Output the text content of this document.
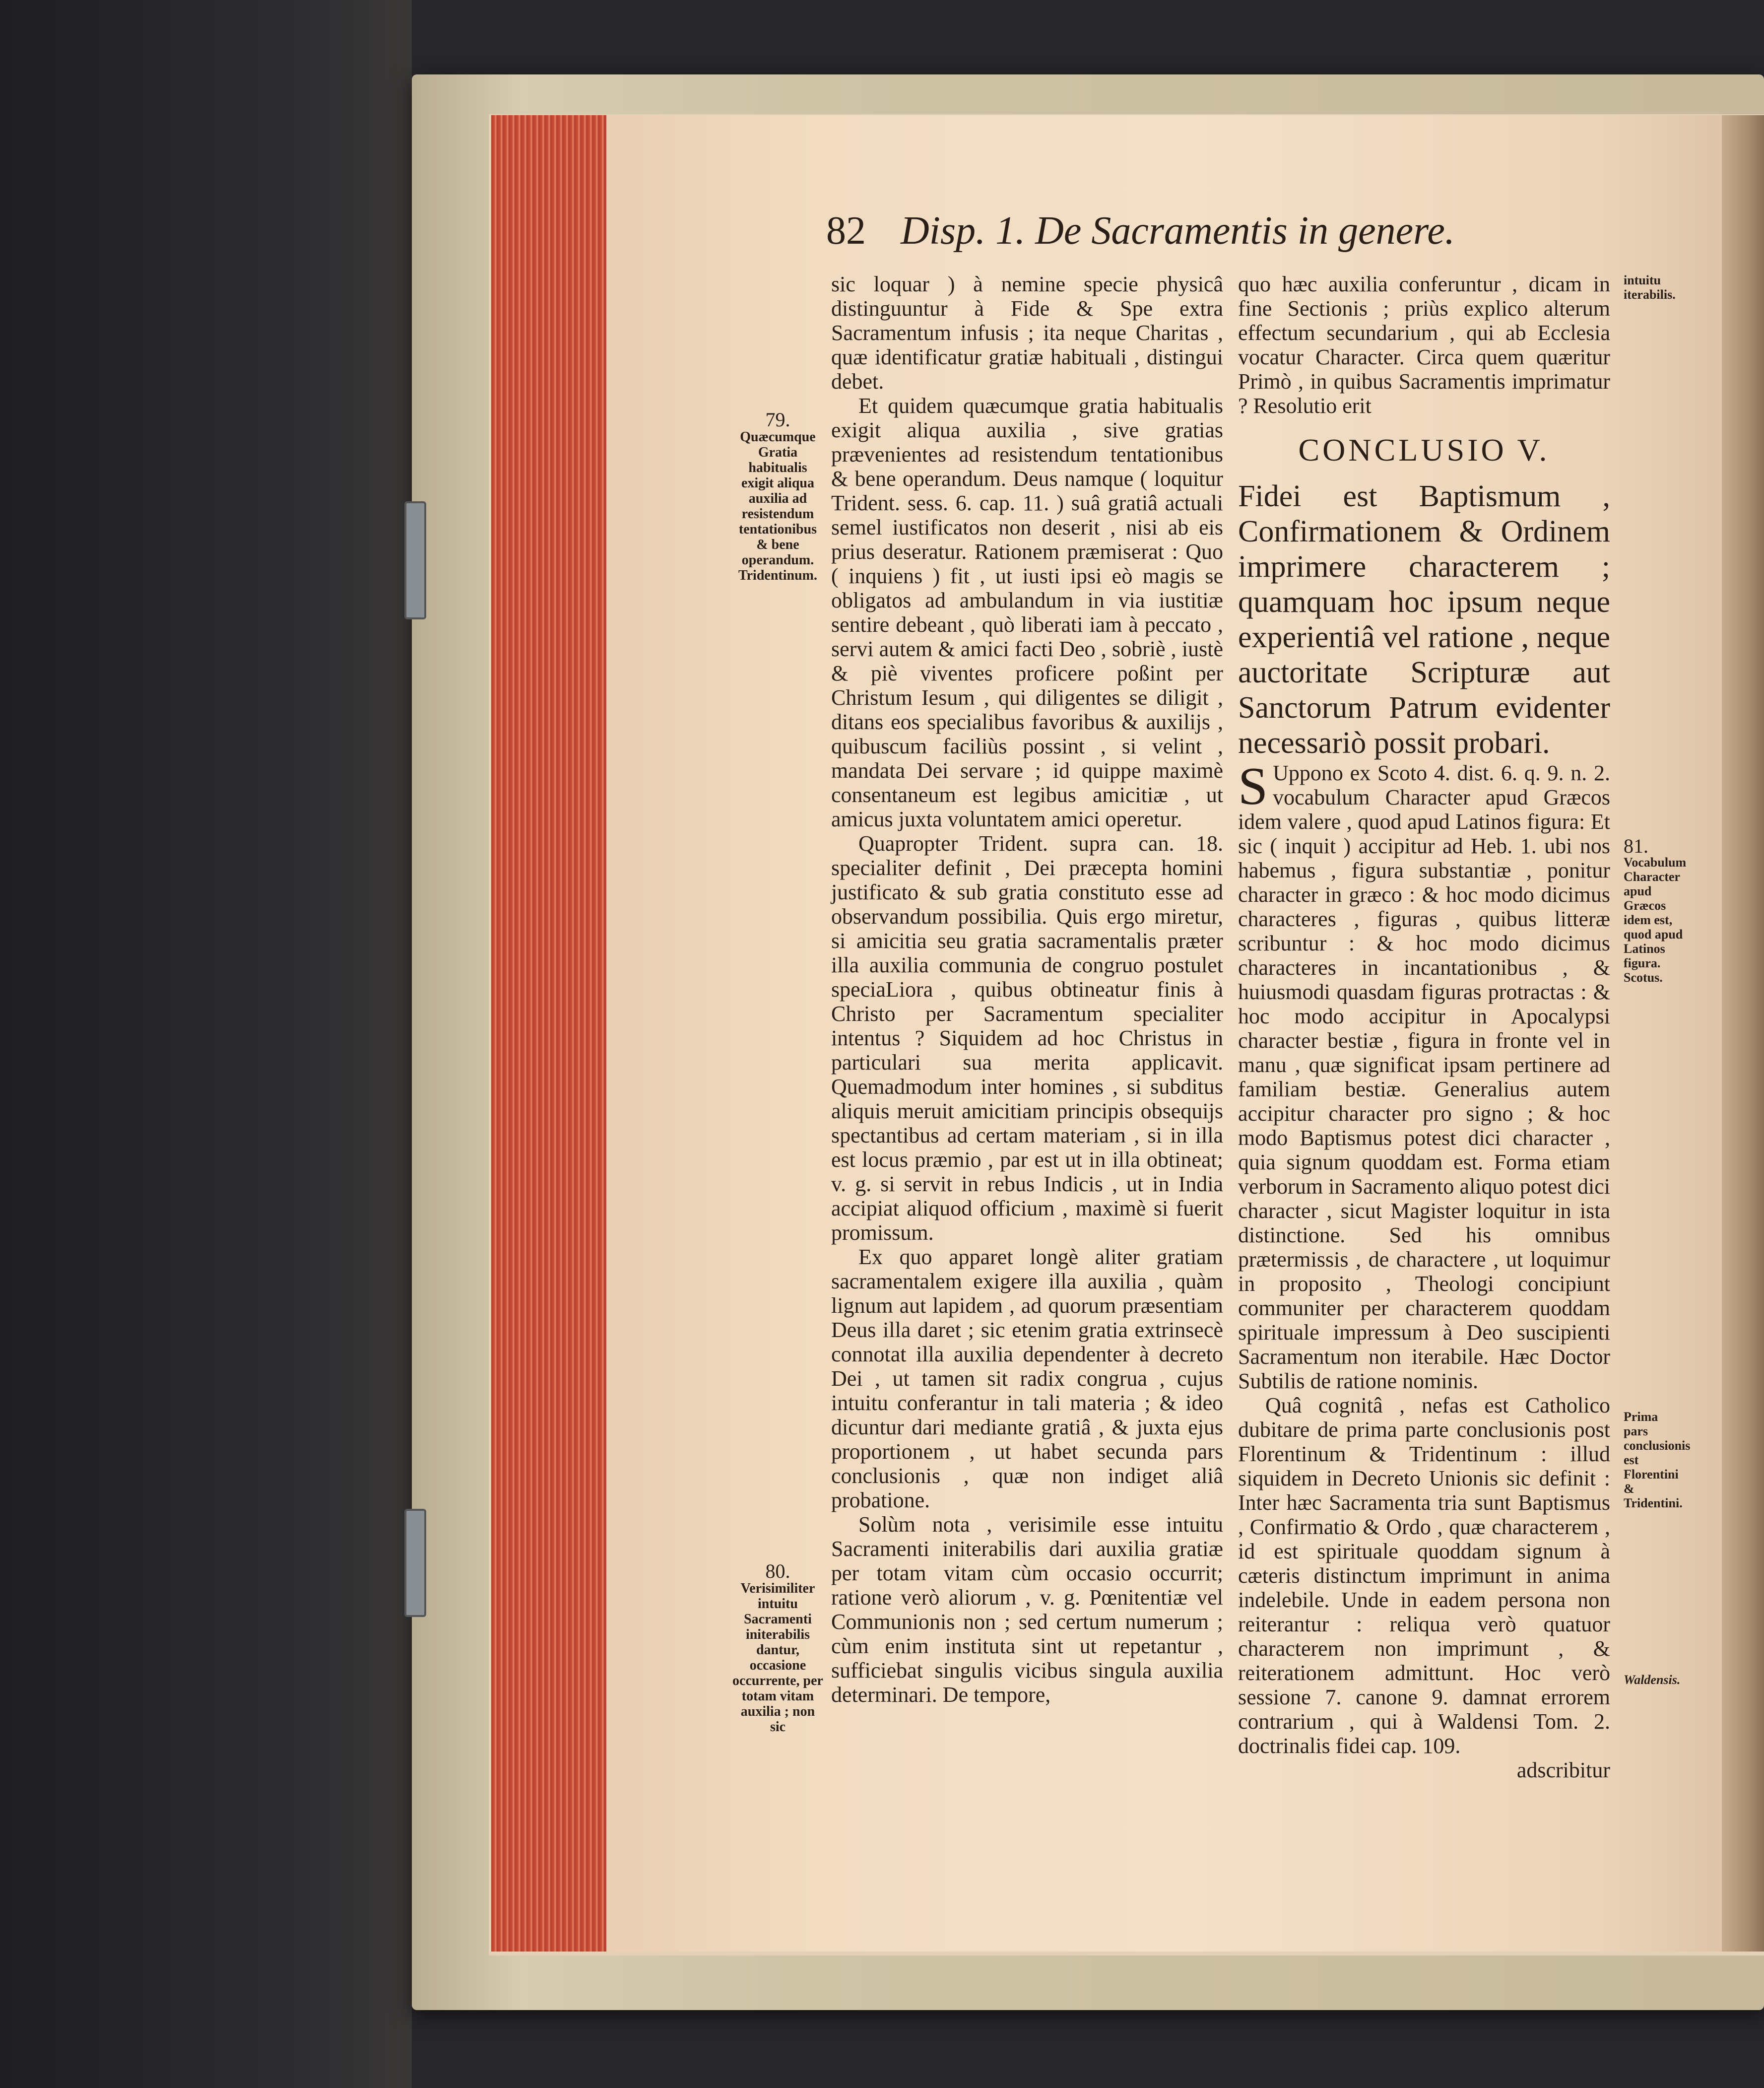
82 Disp. 1. De Sacramentis in genere.

sic loquar ) à nemine specie physicâ distinguuntur à Fide & Spe extra Sacramentum infusis ; ita neque Charitas , quæ identificatur gratiæ habituali , distingui debet.

Et quidem quæcumque gratia habitualis exigit aliqua auxilia , sive gratias prævenientes ad resistendum tentationibus & bene operandum. Deus namque ( loquitur Trident. sess. 6. cap. 11. ) suâ gratiâ actuali semel iustificatos non deserit , nisi ab eis prius deseratur. Rationem præmiserat : Quo ( inquiens ) fit , ut iusti ipsi eò magis se obligatos ad ambulandum in via iustitiæ sentire debeant , quò liberati iam à peccato , servi autem & amici facti Deo , sobriè , iustè & piè viventes proficere poßint per Christum Iesum , qui diligentes se diligit , ditans eos specialibus favoribus & auxilijs , quibuscum faciliùs possint , si velint , mandata Dei servare ; id quippe maximè consentaneum est legibus amicitiæ , ut amicus juxta voluntatem amici operetur.

Quapropter Trident. supra can. 18. specialiter definit , Dei præcepta homini justificato & sub gratia constituto esse ad observandum possibilia. Quis ergo miretur, si amicitia seu gratia sacramentalis præter illa auxilia communia de congruo postulet speciaLiora , quibus obtineatur finis à Christo per Sacramentum specialiter intentus ? Siquidem ad hoc Christus in particulari sua merita applicavit. Quemadmodum inter homines , si subditus aliquis meruit amicitiam principis obsequijs spectantibus ad certam materiam , si in illa est locus præmio , par est ut in illa obtineat; v. g. si servit in rebus Indicis , ut in India accipiat aliquod officium , maximè si fuerit promissum.

Ex quo apparet longè aliter gratiam sacramentalem exigere illa auxilia , quàm lignum aut lapidem , ad quorum præsentiam Deus illa daret ; sic etenim gratia extrinsecè connotat illa auxilia dependenter à decreto Dei , ut tamen sit radix congrua , cujus intuitu conferantur in tali materia ; & ideo dicuntur dari mediante gratiâ , & juxta ejus proportionem , ut habet secunda pars conclusionis , quæ non indiget aliâ probatione.

Solùm nota , verisimile esse intuitu Sacramenti initerabilis dari auxilia gratiæ per totam vitam cùm occasio occurrit; ratione verò aliorum , v. g. Pœnitentiæ vel Communionis non ; sed certum numerum ; cùm enim instituta sint ut repetantur , sufficiebat singulis vicibus singula auxilia determinari. De tempore,

quo hæc auxilia conferuntur , dicam in fine Sectionis ; priùs explico alterum effectum secundarium , qui ab Ecclesia vocatur Character. Circa quem quæritur Primò , in quibus Sacramentis imprimatur ? Resolutio erit

CONCLUSIO V.

Fidei est Baptismum , Confirmationem & Ordinem imprimere characterem ; quamquam hoc ipsum neque experientiâ vel ratione , neque auctoritate Scripturæ aut Sanctorum Patrum evidenter necessariò possit probari.

S Uppono ex Scoto 4. dist. 6. q. 9. n. 2. vocabulum Character apud Græcos idem valere , quod apud Latinos figura: Et sic ( inquit ) accipitur ad Heb. 1. ubi nos habemus , figura substantiæ , ponitur character in græco : & hoc modo dicimus characteres , figuras , quibus litteræ scribuntur : & hoc modo dicimus characteres in incantationibus , & huiusmodi quasdam figuras protractas : & hoc modo accipitur in Apocalypsi character bestiæ , figura in fronte vel in manu , quæ significat ipsam pertinere ad familiam bestiæ. Generalius autem accipitur character pro signo ; & hoc modo Baptismus potest dici character , quia signum quoddam est. Forma etiam verborum in Sacramento aliquo potest dici character , sicut Magister loquitur in ista distinctione. Sed his omnibus prætermissis , de charactere , ut loquimur in proposito , Theologi concipiunt communiter per characterem quoddam spirituale impressum à Deo suscipienti Sacramentum non iterabile. Hæc Doctor Subtilis de ratione nominis.

Quâ cognitâ , nefas est Catholico dubitare de prima parte conclusionis post Florentinum & Tridentinum : illud siquidem in Decreto Unionis sic definit : Inter hæc Sacramenta tria sunt Baptismus , Confirmatio & Ordo , quæ characterem , id est spirituale quoddam signum à cæteris distinctum imprimunt in anima indelebile. Unde in eadem persona non reiterantur : reliqua verò quatuor characterem non imprimunt , & reiterationem admittunt. Hoc verò sessione 7. canone 9. damnat errorem contrarium , qui à Waldensi Tom. 2. doctrinalis fidei cap. 109.

adscribitur

79.
Quæcumque Gratia habitualis exigit aliqua auxilia ad resistendum tentationibus & bene operandum. Tridentinum.
80.
Verisimiliter intuitu Sacramenti initerabilis dantur, occasione occurrente, per totam vitam auxilia ; non sic
intuitu iterabilis.
81.
Vocabulum Character apud Græcos idem est, quod apud Latinos figura. Scotus.
Prima pars conclusionis est Florentini & Tridentini.
Waldensis.
